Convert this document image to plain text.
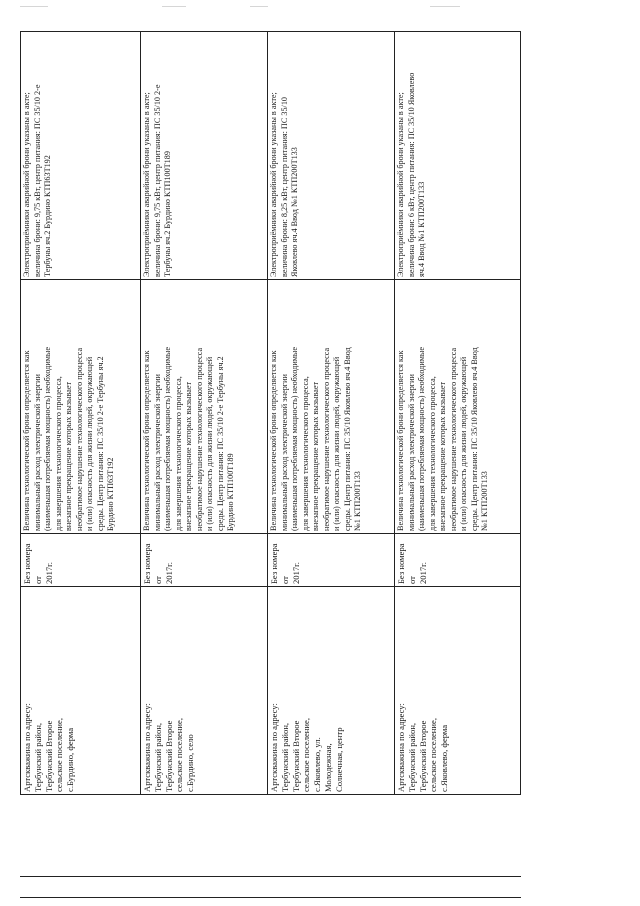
Артскважина по адресу:
Тербунский район,
Тербунский Второе
сельское поселение,
с.Бурдино, ферма
Без номера от
2017г.
Величина технологической брони определяется как
минимальный расход электрической энергии
(наименьшая потребляемая мощность) необходимые
для завершения технологического процесса,
внезапное прекращение которых вызывает
необратимое нарушение технологического процесса
и (или) опасность для жизни людей, окружающей
среды. Центр питания: ПС 35/10 2-е Тербуны яч.2
Бурдино КТП63Т192
Электроприёмники аварийной брони указаны в акте;
величина брони: 9,75 кВт, центр питания: ПС 35/10 2-е
Тербуны яч.2 Бурдино КТП63Т192
Артскважина по адресу:
Тербунский район,
Тербунский Второе
сельское поселение,
с.Бурдино, село
Без номера от
2017г.
Величина технологической брони определяется как
минимальный расход электрической энергии
(наименьшая потребляемая мощность) необходимые
для завершения технологического процесса,
внезапное прекращение которых вызывает
необратимое нарушение технологического процесса
и (или) опасность для жизни людей, окружающей
среды. Центр питания: ПС 35/10 2-е Тербуны яч.2
Бурдино КТП100Т189
Электроприёмники аварийной брони указаны в акте;
величина брони: 9,75 кВт, центр питания: ПС 35/10 2-е
Тербуны яч.2 Бурдино КТП100Т189
Артскважина по адресу:
Тербунский район,
Тербунский Второе
сельское поселение,
с.Яковлево, ул.
Молодежная,
Солнечная, центр
Без номера от
2017г.
Величина технологической брони определяется как
минимальный расход электрической энергии
(наименьшая потребляемая мощность) необходимые
для завершения технологического процесса,
внезапное прекращение которых вызывает
необратимое нарушение технологического процесса
и (или) опасность для жизни людей, окружающей
среды. Центр питания: ПС 35/10 Яковлево яч.4 Ввод
№1 КТП200Т133
Электроприёмники аварийной брони указаны в акте;
величина брони: 8,25 кВт, центр питания: ПС 35/10
Яковлево яч.4 Ввод №1 КТП200Т133
Артскважина по адресу:
Тербунский район,
Тербунский Второе
сельское поселение,
с.Яковлево, ферма
Без номера от
2017г.
Величина технологической брони определяется как
минимальный расход электрической энергии
(наименьшая потребляемая мощность) необходимые
для завершения технологического процесса,
внезапное прекращение которых вызывает
необратимое нарушение технологического процесса
и (или) опасность для жизни людей, окружающей
среды. Центр питания: ПС 35/10 Яковлево яч.4 Ввод
№1 КТП200Т133
Электроприёмники аварийной брони указаны в акте;
величина брони: 6 кВт, центр питания: ПС 35/10 Яковлево
яч.4 Ввод №1 КТП200Т133
